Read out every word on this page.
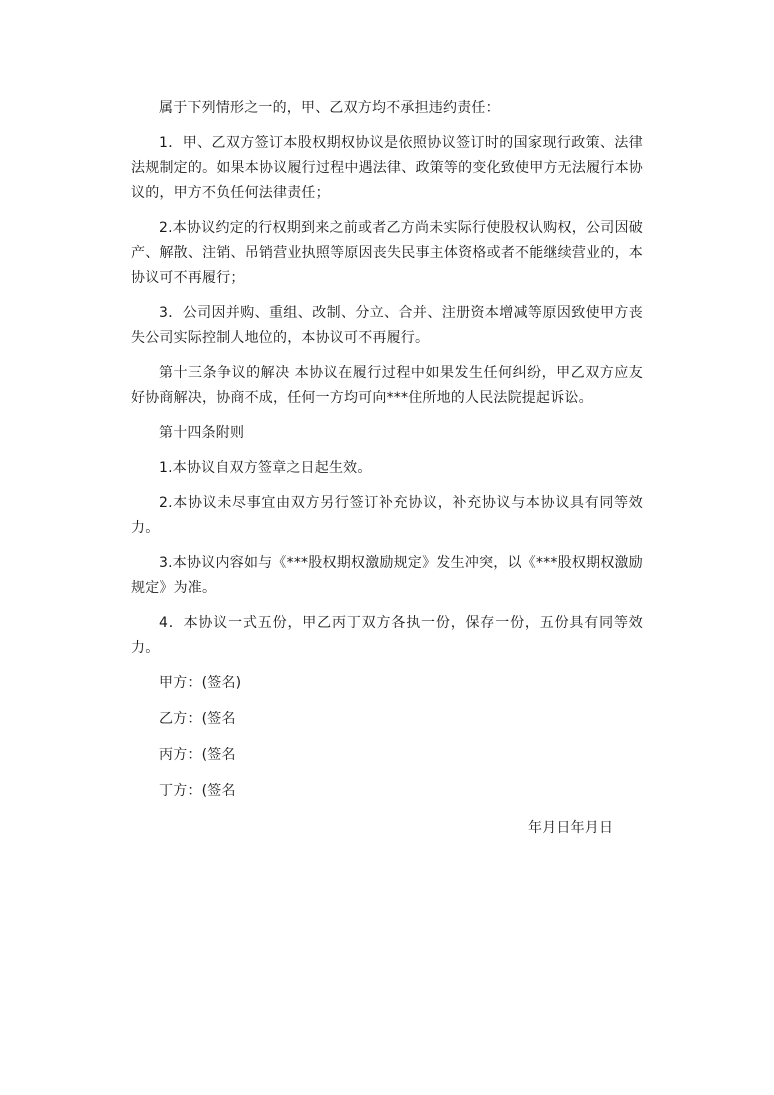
属于下列情形之一的，甲、乙双方均不承担违约责任：

1．甲、乙双方签订本股权期权协议是依照协议签订时的国家现行政策、法律法规制定的。如果本协议履行过程中遇法律、政策等的变化致使甲方无法履行本协议的，甲方不负任何法律责任；

2.本协议约定的行权期到来之前或者乙方尚未实际行使股权认购权，公司因破产、解散、注销、吊销营业执照等原因丧失民事主体资格或者不能继续营业的，本协议可不再履行；

3．公司因并购、重组、改制、分立、合并、注册资本增减等原因致使甲方丧失公司实际控制人地位的，本协议可不再履行。

第十三条争议的解决 本协议在履行过程中如果发生任何纠纷，甲乙双方应友好协商解决，协商不成，任何一方均可向***住所地的人民法院提起诉讼。

第十四条附则

1.本协议自双方签章之日起生效。

2.本协议未尽事宜由双方另行签订补充协议，补充协议与本协议具有同等效力。

3.本协议内容如与《***股权期权激励规定》发生冲突，以《***股权期权激励规定》为准。

4．本协议一式五份，甲乙丙丁双方各执一份，保存一份，五份具有同等效力。

甲方：(签名)

乙方：(签名

丙方：(签名

丁方：(签名

年月日年月日
